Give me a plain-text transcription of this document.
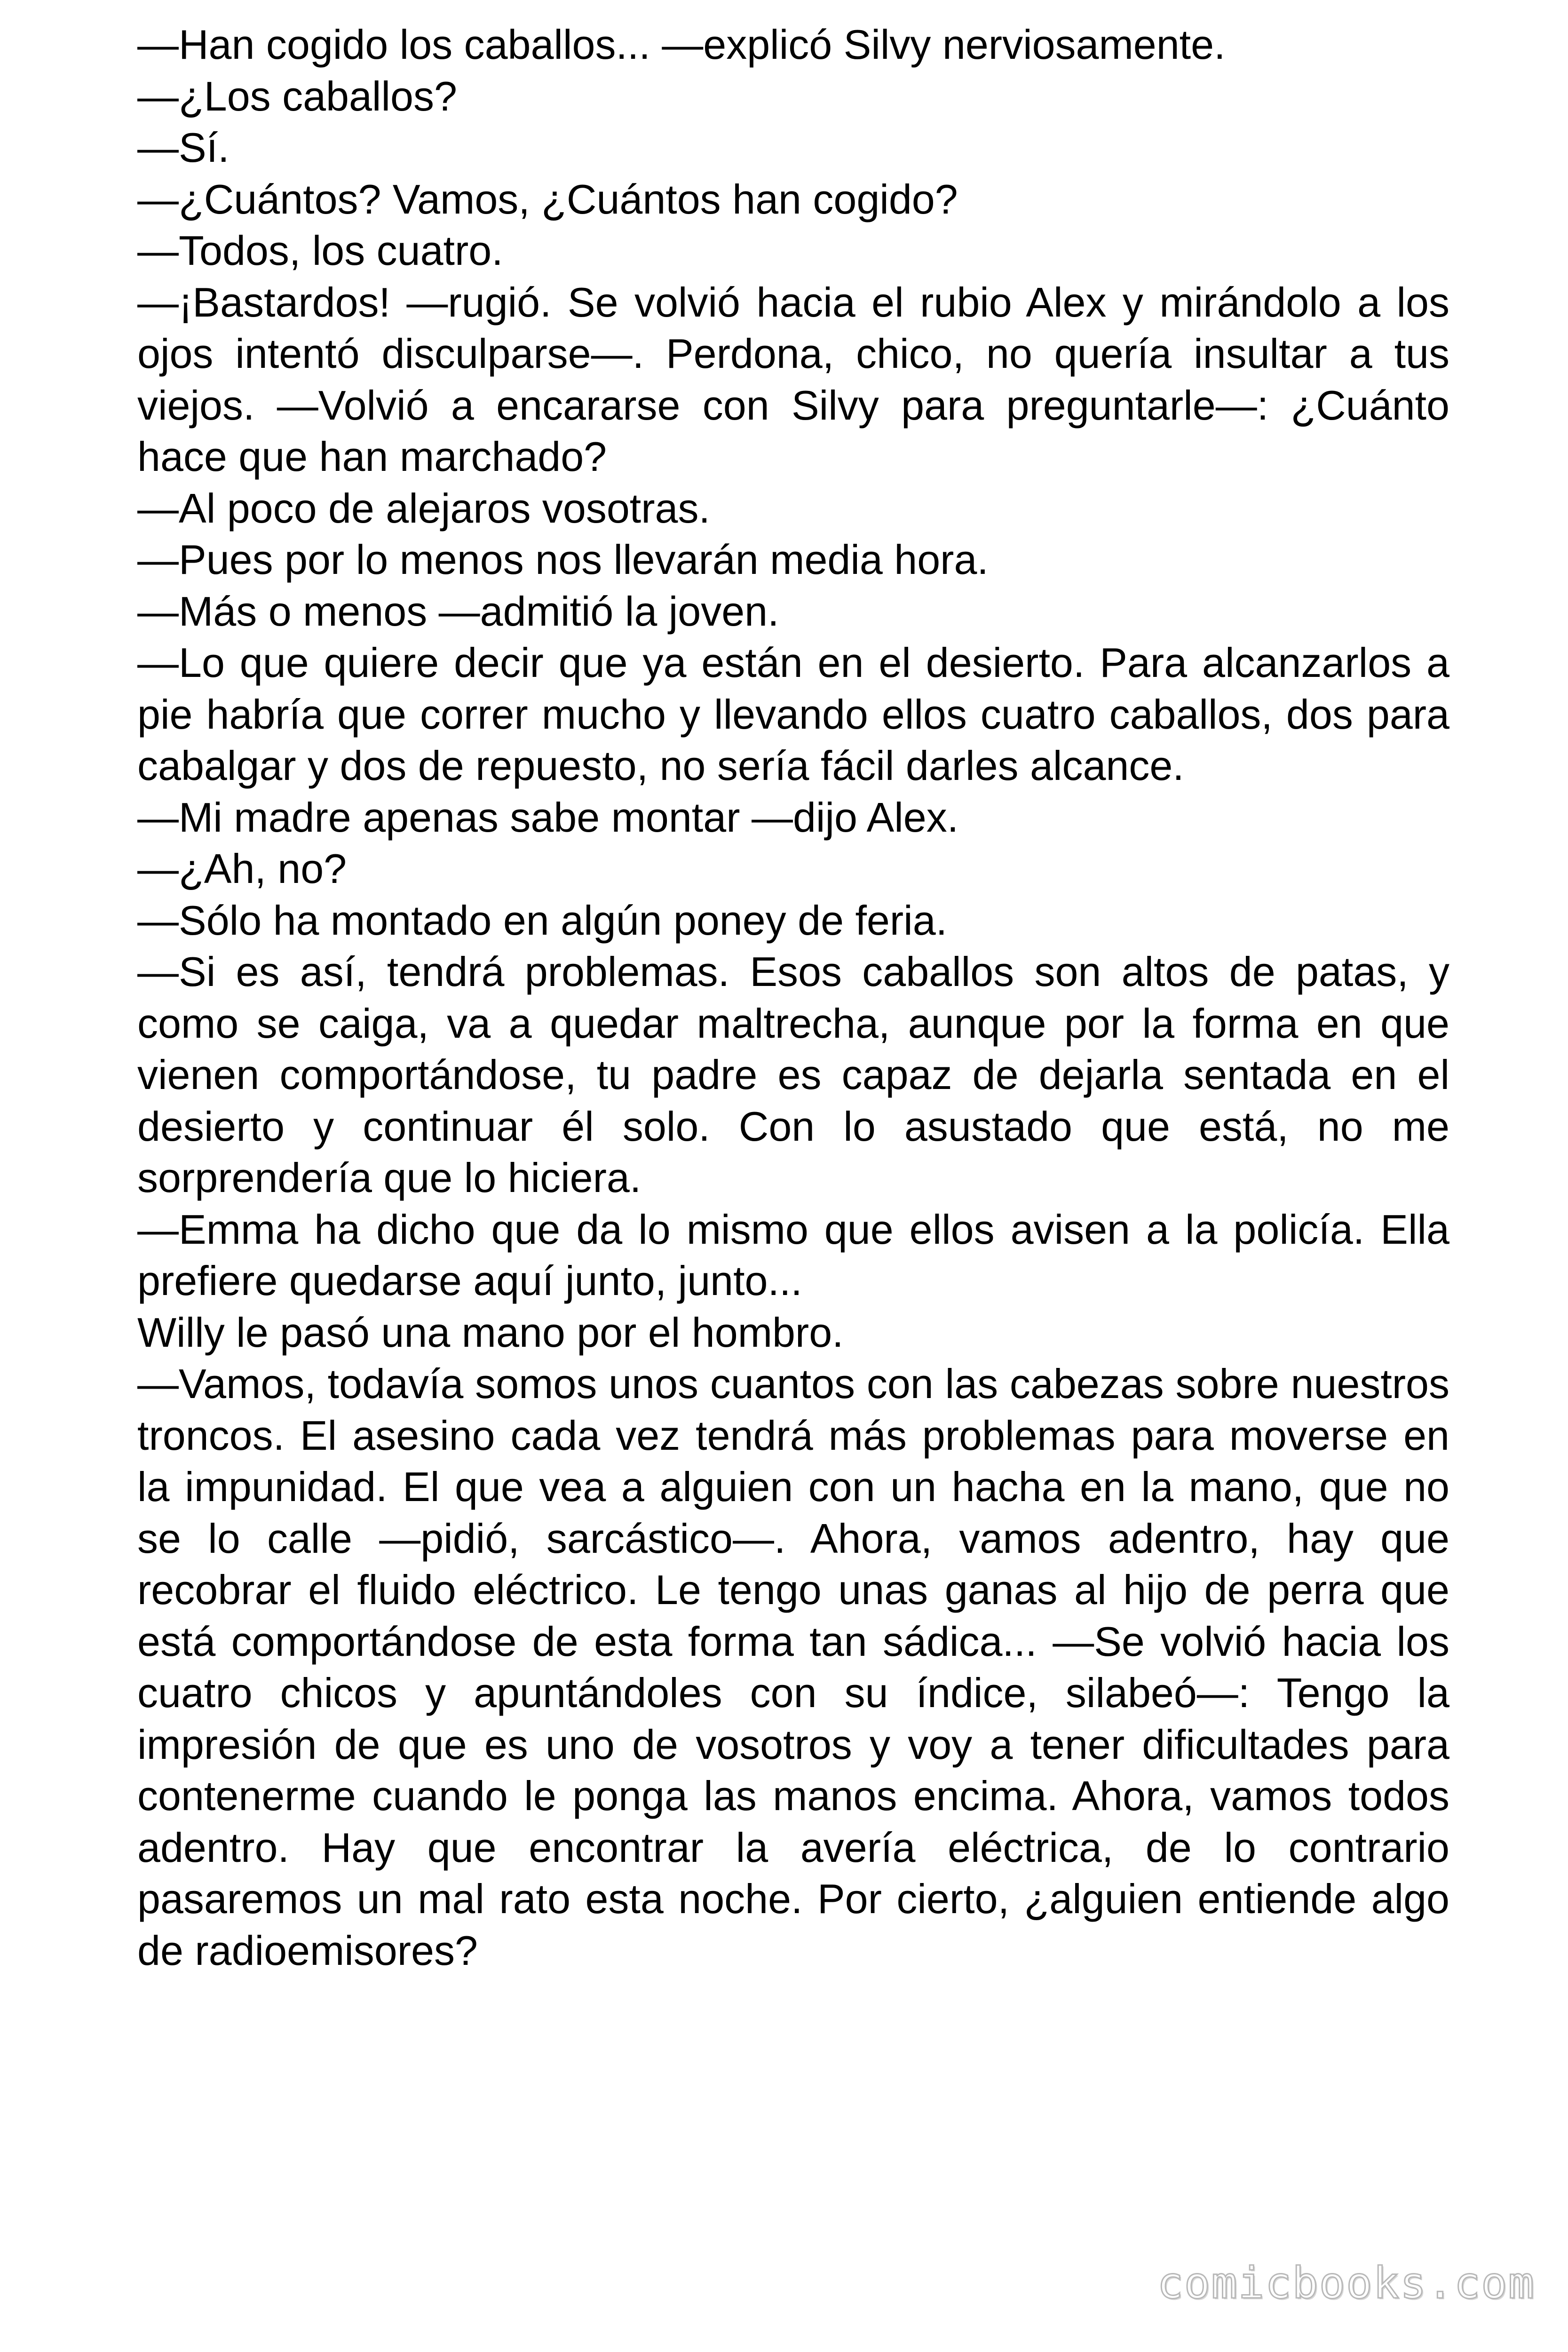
—Han cogido los caballos... —explicó Silvy nerviosamente.

—¿Los caballos?

—Sí.

—¿Cuántos? Vamos, ¿Cuántos han cogido?

—Todos, los cuatro.

—¡Bastardos! —rugió. Se volvió hacia el rubio Alex y mirándolo a los ojos intentó disculparse—. Perdona, chico, no quería insultar a tus viejos. —Volvió a encararse con Silvy para preguntarle—: ¿Cuánto hace que han marchado?

—Al poco de alejaros vosotras.

—Pues por lo menos nos llevarán media hora.

—Más o menos —admitió la joven.

—Lo que quiere decir que ya están en el desierto. Para alcanzarlos a pie habría que correr mucho y llevando ellos cuatro caballos, dos para cabalgar y dos de repuesto, no sería fácil darles alcance.

—Mi madre apenas sabe montar —dijo Alex.

—¿Ah, no?

—Sólo ha montado en algún poney de feria.

—Si es así, tendrá problemas. Esos caballos son altos de patas, y como se caiga, va a quedar maltrecha, aunque por la forma en que vienen comportándose, tu padre es capaz de dejarla sentada en el desierto y continuar él solo. Con lo asustado que está, no me sorprendería que lo hiciera.

—Emma ha dicho que da lo mismo que ellos avisen a la policía. Ella prefiere quedarse aquí junto, junto...

Willy le pasó una mano por el hombro.

—Vamos, todavía somos unos cuantos con las cabezas sobre nuestros troncos. El asesino cada vez tendrá más problemas para moverse en la impunidad. El que vea a alguien con un hacha en la mano, que no se lo calle —pidió, sarcástico—. Ahora, vamos adentro, hay que recobrar el fluido eléctrico. Le tengo unas ganas al hijo de perra que está comportándose de esta forma tan sádica... —Se volvió hacia los cuatro chicos y apuntándoles con su índice, silabeó—: Tengo la impresión de que es uno de vosotros y voy a tener dificultades para contenerme cuando le ponga las manos encima. Ahora, vamos todos adentro. Hay que encontrar la avería eléctrica, de lo contrario pasaremos un mal rato esta noche. Por cierto, ¿alguien entiende algo de radioemisores?

comicbooks.com
